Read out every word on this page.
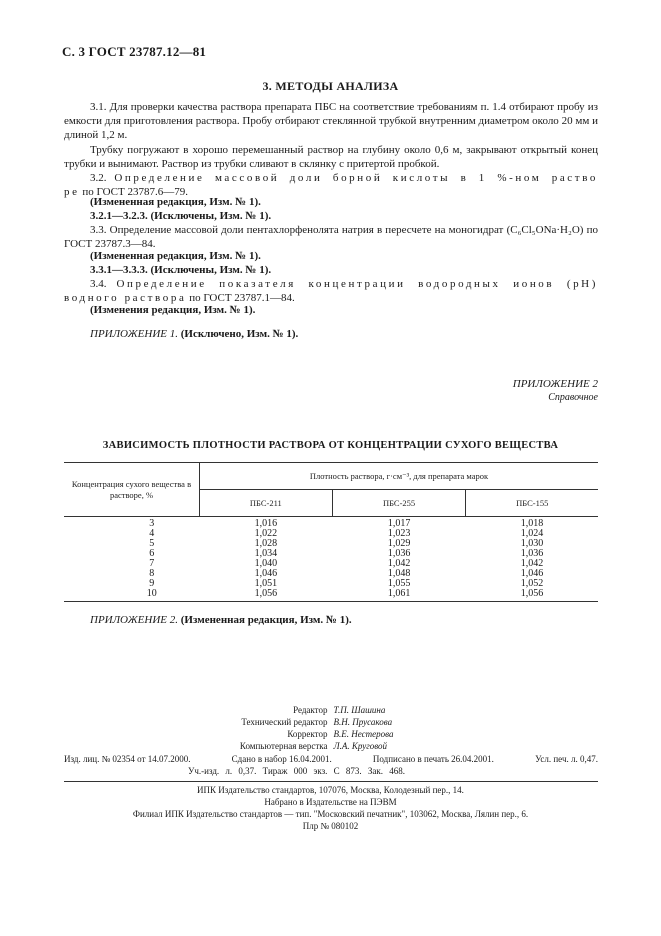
С. 3 ГОСТ 23787.12—81
3. МЕТОДЫ АНАЛИЗА
3.1. Для проверки качества раствора препарата ПБС на соответствие требованиям п. 1.4 отбирают пробу из емкости для приготовления раствора. Пробу отбирают стеклянной трубкой внутренним диаметром около 20 мм и длиной 1,2 м.
Трубку погружают в хорошо перемешанный раствор на глубину около 0,6 м, закрывают открытый конец трубки и вынимают. Раствор из трубки сливают в склянку с притертой пробкой.
3.2. Определение массовой доли борной кислоты в 1 %-ном раство
ре по ГОСТ 23787.6—79.
(Измененная редакция, Изм. № 1).
3.2.1—3.2.3. (Исключены, Изм. № 1).
3.3. Определение массовой доли пентахлорфенолята натрия в пересчете на моногидрат (C₆Cl₅ONa·H₂O) по ГОСТ 23787.3—84.
(Измененная редакция, Изм. № 1).
3.3.1—3.3.3. (Исключены, Изм. № 1).
3.4. Определение показателя концентрации водородных ионов (pH)
водного раствора по ГОСТ 23787.1—84.
(Изменения редакция, Изм. № 1).
ПРИЛОЖЕНИЕ 1. (Исключено, Изм. № 1).
ПРИЛОЖЕНИЕ 2
Справочное
ЗАВИСИМОСТЬ ПЛОТНОСТИ РАСТВОРА ОТ КОНЦЕНТРАЦИИ СУХОГО ВЕЩЕСТВА
Концентрация сухого вещества в растворе, %	Плотность раствора, г·см⁻³, для препарата марок		
	ПБС-211	ПБС-255	ПБС-155
3	1,016	1,017	1,018
4	1,022	1,023	1,024
5	1,028	1,029	1,030
6	1,034	1,036	1,036
7	1,040	1,042	1,042
8	1,046	1,048	1,046
9	1,051	1,055	1,052
10	1,056	1,061	1,056
ПРИЛОЖЕНИЕ 2. (Измененная редакция, Изм. № 1).
Редактор Т.П. Шашина
Технический редактор В.Н. Прусакова
Корректор В.Е. Нестерова
Компьютерная верстка Л.А. Круговой
Изд. лиц. № 02354 от 14.07.2000.	Сдано в набор 16.04.2001.	Подписано в печать 26.04.2001.	Усл. печ. л. 0,47.
Уч.-изд. л. 0,37. Тираж 000 экз. С 873. Зак. 468.
ИПК Издательство стандартов, 107076, Москва, Колодезный пер., 14.
Набрано в Издательстве на ПЭВМ
Филиал ИПК Издательство стандартов — тип. "Московский печатник", 103062, Москва, Лялин пер., 6.
Плр № 080102
